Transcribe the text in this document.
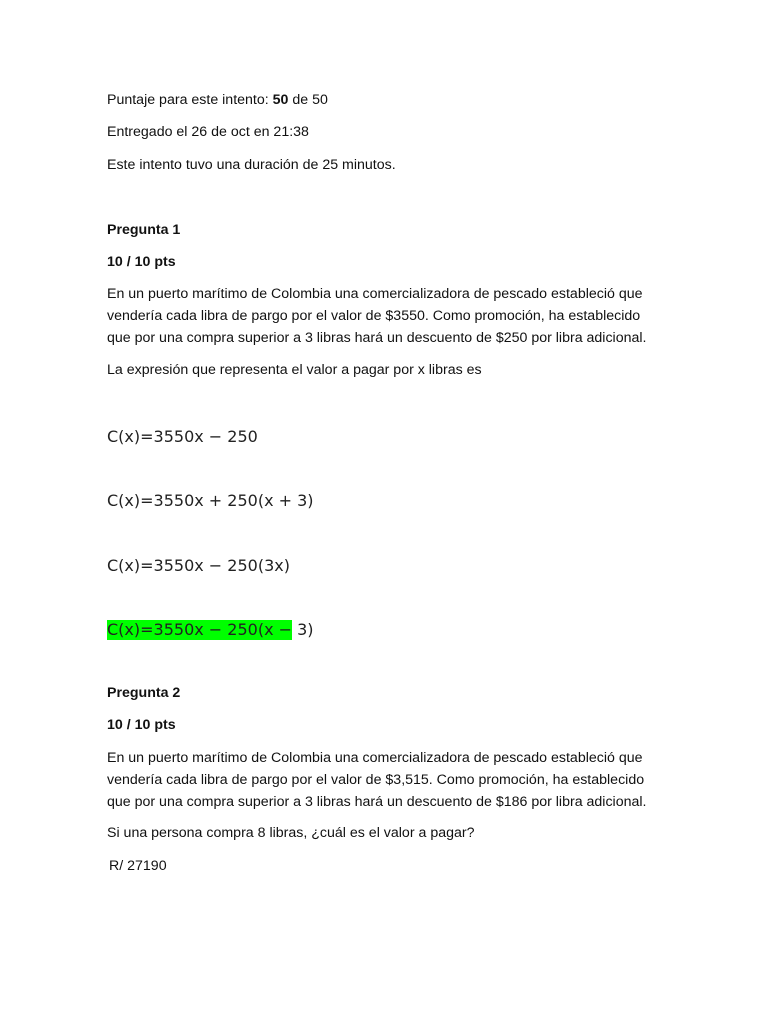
Puntaje para este intento: 50 de 50

Entregado el 26 de oct en 21:38

Este intento tuvo una duración de 25 minutos.

Pregunta 1

10 / 10 pts

En un puerto marítimo de Colombia una comercializadora de pescado estableció que vendería cada libra de pargo por el valor de $3550. Como promoción, ha establecido que por una compra superior a 3 libras hará un descuento de $250 por libra adicional.

La expresión que representa el valor a pagar por x libras es

C(x)=3550x − 250
C(x)=3550x + 250(x + 3)
C(x)=3550x − 250(3x)
C(x)=3550x − 250(x − 3)

Pregunta 2

10 / 10 pts

En un puerto marítimo de Colombia una comercializadora de pescado estableció que vendería cada libra de pargo por el valor de $3,515. Como promoción, ha establecido que por una compra superior a 3 libras hará un descuento de $186 por libra adicional.

Si una persona compra 8 libras, ¿cuál es el valor a pagar?

R/ 27190
